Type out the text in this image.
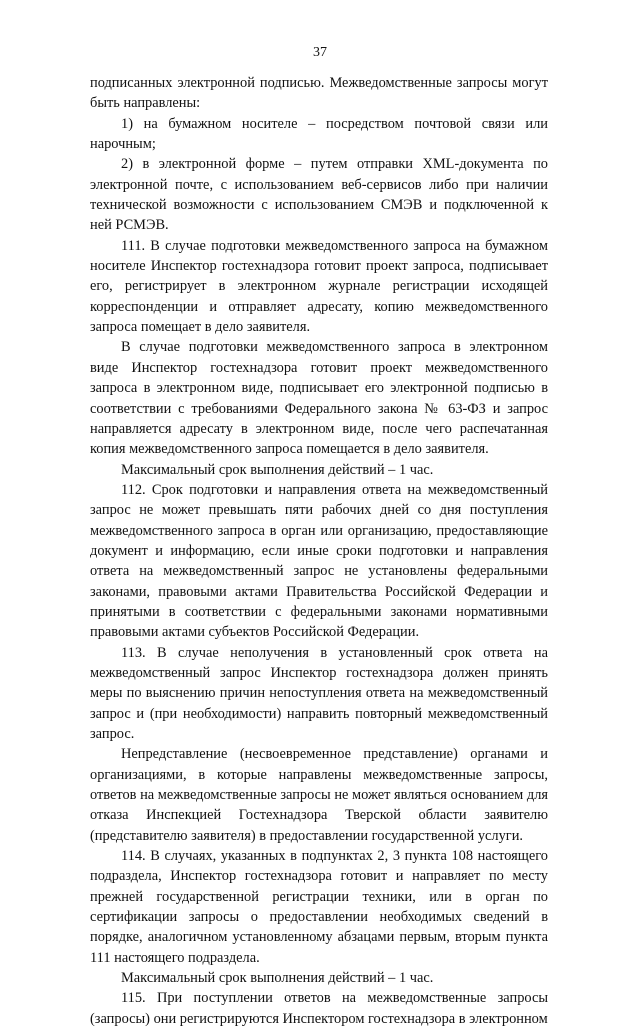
37

подписанных электронной подписью. Межведомственные запросы могут быть направлены:

1) на бумажном носителе – посредством почтовой связи или нарочным;

2) в электронной форме – путем отправки XML-документа по электронной почте, с использованием веб-сервисов либо при наличии технической возможности с использованием СМЭВ и подключенной к ней РСМЭВ.

111. В случае подготовки межведомственного запроса на бумажном носителе Инспектор гостехнадзора готовит проект запроса, подписывает его, регистрирует в электронном журнале регистрации исходящей корреспонденции и отправляет адресату, копию межведомственного запроса помещает в дело заявителя.

В случае подготовки межведомственного запроса в электронном виде Инспектор гостехнадзора готовит проект межведомственного запроса в электронном виде, подписывает его электронной подписью в соответствии с требованиями Федерального закона № 63-ФЗ и запрос направляется адресату в электронном виде, после чего распечатанная копия межведомственного запроса помещается в дело заявителя.

Максимальный срок выполнения действий – 1 час.

112. Срок подготовки и направления ответа на межведомственный запрос не может превышать пяти рабочих дней со дня поступления межведомственного запроса в орган или организацию, предоставляющие документ и информацию, если иные сроки подготовки и направления ответа на межведомственный запрос не установлены федеральными законами, правовыми актами Правительства Российской Федерации и принятыми в соответствии с федеральными законами нормативными правовыми актами субъектов Российской Федерации.

113. В случае неполучения в установленный срок ответа на межведомственный запрос Инспектор гостехнадзора должен принять меры по выяснению причин непоступления ответа на межведомственный запрос и (при необходимости) направить повторный межведомственный запрос.

Непредставление (несвоевременное представление) органами и организациями, в которые направлены межведомственные запросы, ответов на межведомственные запросы не может являться основанием для отказа Инспекцией Гостехнадзора Тверской области заявителю (представителю заявителя) в предоставлении государственной услуги.

114. В случаях, указанных в подпунктах 2, 3 пункта 108 настоящего подраздела, Инспектор гостехнадзора готовит и направляет по месту прежней государственной регистрации техники, или в орган по сертификации запросы о предоставлении необходимых сведений в порядке, аналогичном установленному абзацами первым, вторым пункта 111 настоящего подраздела.

Максимальный срок выполнения действий – 1 час.

115. При поступлении ответов на межведомственные запросы (запросы) они регистрируются Инспектором гостехнадзора в электронном
